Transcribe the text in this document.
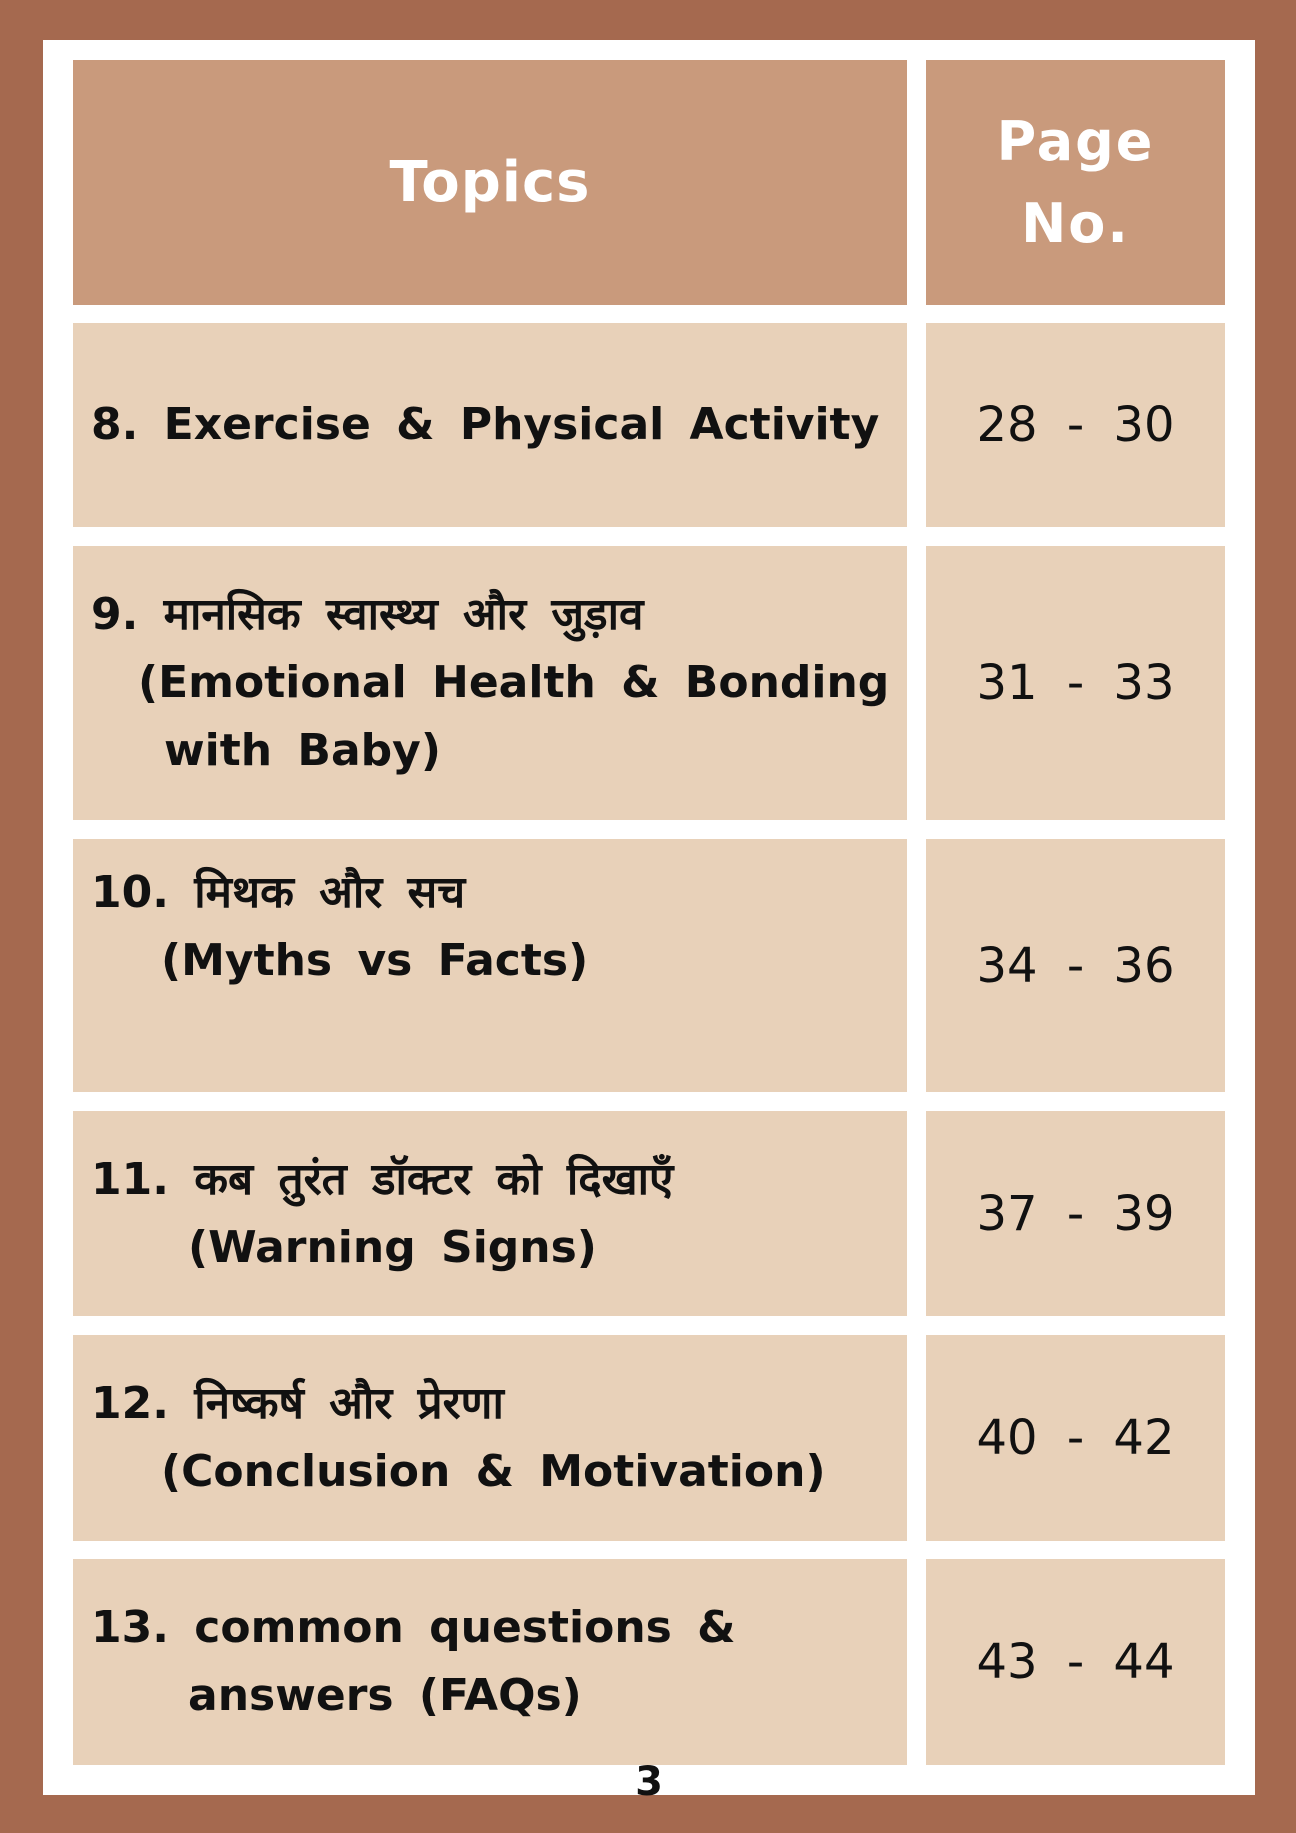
Topics
Page
No.
8. Exercise & Physical Activity 28 - 30
9. मानसिक स्वास्थ्य और जुड़ाव
(Emotional Health & Bonding
with Baby)
31 - 33
10. मिथक और सच
(Myths vs Facts)	34 - 36
11. कब तुरंत डॉक्टर को दिखाएँ
(Warning Signs)
37 - 39
12. निष्कर्ष और प्रेरणा
(Conclusion & Motivation)
40 - 42
13. common questions &
answers (FAQs)
43 - 44
3
